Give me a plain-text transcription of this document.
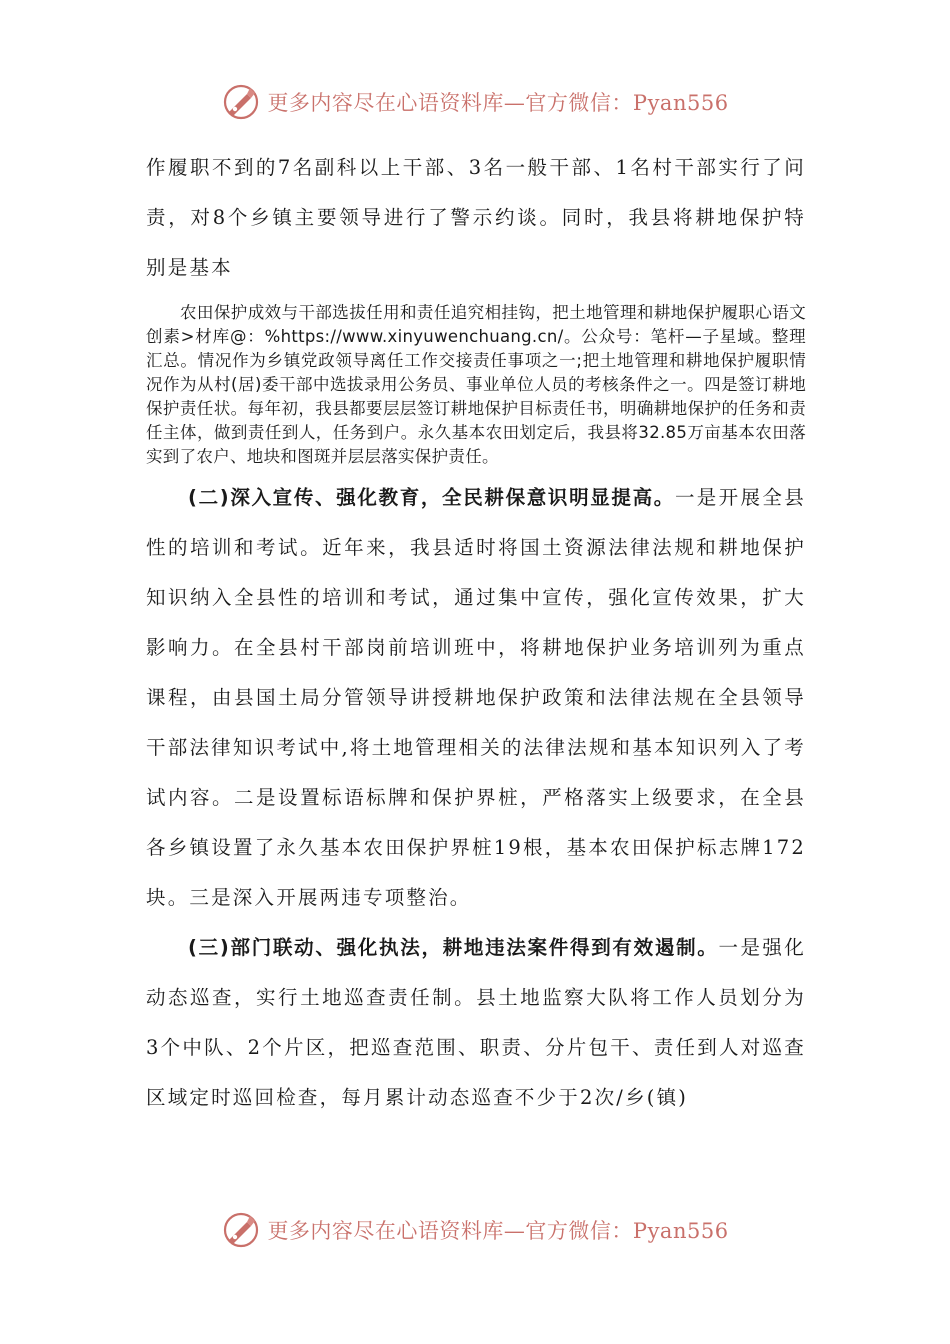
更多内容尽在心语资料库—官方微信：Pyan556

作履职不到的7名副科以上干部、3名一般干部、1名村干部实行了问责，对8个乡镇主要领导进行了警示约谈。同时，我县将耕地保护特别是基本

农田保护成效与干部选拔任用和责任追究相挂钩，把土地管理和耕地保护履职心语文创素>材库@：%https://www.xinyuwenchuang.cn/。公众号：笔杆—子星域。整理汇总。情况作为乡镇党政领导离任工作交接责任事项之一;把土地管理和耕地保护履职情况作为从村(居)委干部中选拔录用公务员、事业单位人员的考核条件之一。四是签订耕地保护责任状。每年初，我县都要层层签订耕地保护目标责任书，明确耕地保护的任务和责任主体，做到责任到人，任务到户。永久基本农田划定后，我县将32.85万亩基本农田落实到了农户、地块和图斑并层层落实保护责任。

(二)深入宣传、强化教育，全民耕保意识明显提高。一是开展全县性的培训和考试。近年来，我县适时将国土资源法律法规和耕地保护知识纳入全县性的培训和考试，通过集中宣传，强化宣传效果，扩大影响力。在全县村干部岗前培训班中，将耕地保护业务培训列为重点课程，由县国土局分管领导讲授耕地保护政策和法律法规在全县领导干部法律知识考试中,将土地管理相关的法律法规和基本知识列入了考试内容。二是设置标语标牌和保护界桩，严格落实上级要求，在全县各乡镇设置了永久基本农田保护界桩19根，基本农田保护标志牌172块。三是深入开展两违专项整治。

(三)部门联动、强化执法，耕地违法案件得到有效遏制。一是强化动态巡查，实行土地巡查责任制。县土地监察大队将工作人员划分为3个中队、2个片区，把巡查范围、职责、分片包干、责任到人对巡查区域定时巡回检查，每月累计动态巡查不少于2次/乡(镇)

更多内容尽在心语资料库—官方微信：Pyan556
